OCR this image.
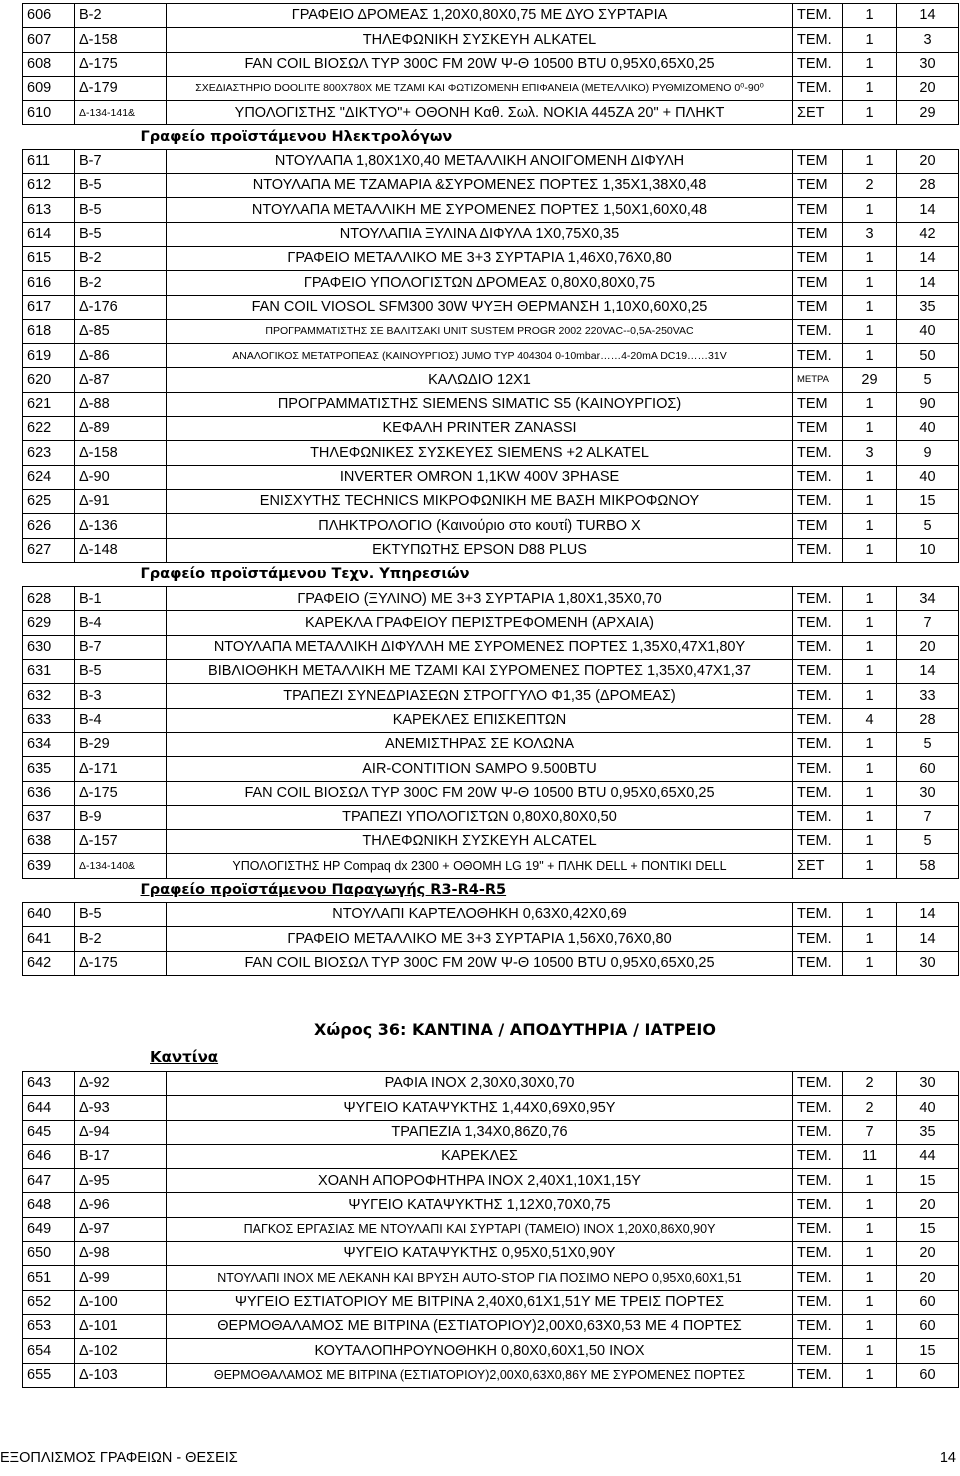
606	Β-2	ΓΡΑΦΕΙΟ ΔΡΟΜΕΑΣ 1,20Χ0,80Χ0,75 ΜΕ ΔΥΟ ΣΥΡΤΑΡΙΑ	ΤΕΜ.	1	14
607	Δ-158	ΤΗΛΕΦΩΝΙΚΗ ΣΥΣΚΕΥΗ ALKATEL	ΤΕΜ.	1	3
608	Δ-175	FAN COIL ΒΙΟΣΩΛ ΤΥΡ 300C FM 20W Ψ-Θ 10500 BTU 0,95Χ0,65Χ0,25	ΤΕΜ.	1	30
609	Δ-179	ΣΧΕΔΙΑΣΤΗΡΙΟ DOOLITE 800Χ780Χ ΜΕ ΤΖΑΜΙ ΚΑΙ ΦΩΤΙΖΟΜΕΝΗ ΕΠΙΦΑΝΕΙΑ (ΜΕΤΕΛΛΙΚΟ) ΡΥΘΜΙΖΟΜΕΝΟ 0⁰-90⁰	ΤΕΜ.	1	20
610	Δ-134-141&	ΥΠΟΛΟΓΙΣΤΗΣ "ΔΙΚΤΥΟ"+ ΟΘΟΝΗ Καθ. Σωλ. ΝΟΚΙΑ 445ΖΑ 20" + ΠΛΗΚΤ	ΣΕΤ	1	29
Γραφείο προϊστάμενου Ηλεκτρολόγων					
611	Β-7	ΝΤΟΥΛΑΠΑ 1,80Χ1Χ0,40 ΜΕΤΑΛΛΙΚΗ ΑΝΟΙΓΟΜΕΝΗ ΔΙΦΥΛΗ	ΤΕΜ	1	20
612	Β-5	ΝΤΟΥΛΑΠΑ ΜΕ ΤΖΑΜΑΡΙΑ &ΣΥΡΟΜΕΝΕΣ ΠΟΡΤΕΣ 1,35Χ1,38Χ0,48	ΤΕΜ	2	28
613	Β-5	ΝΤΟΥΛΑΠΑ ΜΕΤΑΛΛΙΚΗ ΜΕ ΣΥΡΟΜΕΝΕΣ ΠΟΡΤΕΣ 1,50Χ1,60Χ0,48	ΤΕΜ	1	14
614	Β-5	ΝΤΟΥΛΑΠΙΑ ΞΥΛΙΝΑ ΔΙΦΥΛΑ 1Χ0,75Χ0,35	ΤΕΜ	3	42
615	Β-2	ΓΡΑΦΕΙΟ ΜΕΤΑΛΛΙΚΟ ΜΕ 3+3 ΣΥΡΤΑΡΙΑ 1,46Χ0,76Χ0,80	ΤΕΜ	1	14
616	Β-2	ΓΡΑΦΕΙΟ ΥΠΟΛΟΓΙΣΤΩΝ ΔΡΟΜΕΑΣ 0,80Χ0,80Χ0,75	ΤΕΜ	1	14
617	Δ-176	FAN COIL VIOSOL SFM300 30W ΨΥΞΗ ΘΕΡΜΑΝΣΗ 1,10Χ0,60Χ0,25	ΤΕΜ	1	35
618	Δ-85	ΠΡΟΓΡΑΜΜΑΤΙΣΤΗΣ ΣΕ ΒΑΛΙΤΣΑΚΙ UNIT SUSTEM PROGR 2002 220VAC--0,5A-250VAC	ΤΕΜ.	1	40
619	Δ-86	ΑΝΑΛΟΓΙΚΟΣ ΜΕΤΑΤΡΟΠΕΑΣ (ΚΑΙΝΟΥΡΓΙΟΣ) JUMO TYP 404304 0-10mbar……4-20mA DC19……31V	ΤΕΜ.	1	50
620	Δ-87	ΚΑΛΩΔΙΟ 12Χ1	ΜΕΤΡΑ	29	5
621	Δ-88	ΠΡΟΓΡΑΜΜΑΤΙΣΤΗΣ SIEMENS SIMATIC S5 (ΚΑΙΝΟΥΡΓΙΟΣ)	ΤΕΜ	1	90
622	Δ-89	ΚΕΦΑΛΗ PRINTER ZANASSI	ΤΕΜ	1	40
623	Δ-158	ΤΗΛΕΦΩΝΙΚΕΣ ΣΥΣΚΕΥΕΣ SIEMENS +2 ALKATEL	ΤΕΜ.	3	9
624	Δ-90	INVERTER OMRON 1,1KW 400V 3PHASE	ΤΕΜ.	1	40
625	Δ-91	ΕΝΙΣΧΥΤΗΣ TECHNICS ΜΙΚΡΟΦΩΝΙΚΗ ΜΕ ΒΑΣΗ ΜΙΚΡΟΦΩΝΟΥ	ΤΕΜ.	1	15
626	Δ-136	ΠΛΗΚΤΡΟΛΟΓΙΟ (Καινούριο στο κουτί) TURBO X	ΤΕΜ	1	5
627	Δ-148	ΕΚΤΥΠΩΤΗΣ EPSON D88 PLUS	ΤΕΜ.	1	10
Γραφείο προϊστάμενου Τεχν. Υπηρεσιών					
628	Β-1	ΓΡΑΦΕΙΟ (ΞΥΛΙΝΟ) ΜΕ 3+3 ΣΥΡΤΑΡΙΑ 1,80Χ1,35Χ0,70	ΤΕΜ.	1	34
629	Β-4	ΚΑΡΕΚΛΑ ΓΡΑΦΕΙΟΥ ΠΕΡΙΣΤΡΕΦΟΜΕΝΗ (ΑΡΧΑΙΑ)	ΤΕΜ.	1	7
630	Β-7	ΝΤΟΥΛΑΠΑ ΜΕΤΑΛΛΙΚΗ ΔΙΦΥΛΛΗ ΜΕ ΣΥΡΟΜΕΝΕΣ ΠΟΡΤΕΣ 1,35Χ0,47Χ1,80Υ	ΤΕΜ.	1	20
631	Β-5	ΒΙΒΛΙΟΘΗΚΗ ΜΕΤΑΛΛΙΚΗ ΜΕ ΤΖΑΜΙ ΚΑΙ ΣΥΡΟΜΕΝΕΣ ΠΟΡΤΕΣ 1,35Χ0,47Χ1,37	ΤΕΜ.	1	14
632	Β-3	ΤΡΑΠΕΖΙ ΣΥΝΕΔΡΙΑΣΕΩΝ ΣΤΡΟΓΓΥΛΟ Φ1,35 (ΔΡΟΜΕΑΣ)	ΤΕΜ.	1	33
633	Β-4	ΚΑΡΕΚΛΕΣ ΕΠΙΣΚΕΠΤΩΝ	ΤΕΜ.	4	28
634	Β-29	ΑΝΕΜΙΣΤΗΡΑΣ ΣΕ ΚΟΛΩΝΑ	ΤΕΜ.	1	5
635	Δ-171	AIR-CONTITION SAMPO 9.500BTU	ΤΕΜ.	1	60
636	Δ-175	FAN COIL ΒΙΟΣΩΛ ΤΥΡ 300C FM 20W Ψ-Θ 10500 BTU 0,95Χ0,65Χ0,25	ΤΕΜ.	1	30
637	Β-9	ΤΡΑΠΕΖΙ ΥΠΟΛΟΓΙΣΤΩΝ 0,80Χ0,80Χ0,50	ΤΕΜ.	1	7
638	Δ-157	ΤΗΛΕΦΩΝΙΚΗ ΣΥΣΚΕΥΗ ALCATEL	ΤΕΜ.	1	5
639	Δ-134-140&	ΥΠΟΛΟΓΙΣΤΗΣ HP Compaq dx 2300 + ΟΘΟΜΗ LG 19" + ΠΛΗΚ DELL + ΠΟΝΤΙΚΙ DELL	ΣΕΤ	1	58
Γραφείο προϊστάμενου Παραγωγής R3-R4-R5					
640	Β-5	ΝΤΟΥΛΑΠΙ ΚΑΡΤΕΛΟΘΗΚΗ 0,63Χ0,42Χ0,69	ΤΕΜ.	1	14
641	Β-2	ΓΡΑΦΕΙΟ ΜΕΤΑΛΛΙΚΟ ΜΕ 3+3 ΣΥΡΤΑΡΙΑ 1,56Χ0,76Χ0,80	ΤΕΜ.	1	14
642	Δ-175	FAN COIL ΒΙΟΣΩΛ ΤΥΡ 300C FM 20W Ψ-Θ 10500 BTU 0,95Χ0,65Χ0,25	ΤΕΜ.	1	30
Χώρος 36: ΚΑΝΤΙΝΑ / ΑΠΟΔΥΤΗΡΙΑ / ΙΑΤΡΕΙΟ
Καντίνα
643	Δ-92	ΡΑΦΙΑ ΙΝΟΧ 2,30Χ0,30Χ0,70	ΤΕΜ.	2	30
644	Δ-93	ΨΥΓΕΙΟ ΚΑΤΑΨΥΚΤΗΣ 1,44Χ0,69Χ0,95Υ	ΤΕΜ.	2	40
645	Δ-94	ΤΡΑΠΕΖΙΑ 1,34Χ0,86Ζ0,76	ΤΕΜ.	7	35
646	Β-17	ΚΑΡΕΚΛΕΣ	ΤΕΜ.	11	44
647	Δ-95	ΧΟΑΝΗ ΑΠΟΡΟΦΗΤΗΡΑ ΙΝΟΧ 2,40Χ1,10Χ1,15Υ	ΤΕΜ.	1	15
648	Δ-96	ΨΥΓΕΙΟ ΚΑΤΑΨΥΚΤΗΣ 1,12Χ0,70Χ0,75	ΤΕΜ.	1	20
649	Δ-97	ΠΑΓΚΟΣ ΕΡΓΑΣΙΑΣ ΜΕ ΝΤΟΥΛΑΠΙ ΚΑΙ ΣΥΡΤΑΡΙ (ΤΑΜΕΙΟ) ΙΝΟΧ 1,20Χ0,86Χ0,90Υ	ΤΕΜ.	1	15
650	Δ-98	ΨΥΓΕΙΟ ΚΑΤΑΨΥΚΤΗΣ 0,95Χ0,51Χ0,90Υ	ΤΕΜ.	1	20
651	Δ-99	ΝΤΟΥΛΑΠΙ ΙΝΟΧ ΜΕ ΛΕΚΑΝΗ ΚΑΙ ΒΡΥΣΗ AUTO-STOP ΓΙΑ ΠΟΣΙΜΟ ΝΕΡΟ 0,95Χ0,60Χ1,51	ΤΕΜ.	1	20
652	Δ-100	ΨΥΓΕΙΟ ΕΣΤΙΑΤΟΡΙΟΥ ΜΕ ΒΙΤΡΙΝΑ 2,40Χ0,61Χ1,51Υ ΜΕ ΤΡΕΙΣ ΠΟΡΤΕΣ	ΤΕΜ.	1	60
653	Δ-101	ΘΕΡΜΟΘΑΛΑΜΟΣ ΜΕ ΒΙΤΡΙΝΑ (ΕΣΤΙΑΤΟΡΙΟΥ)2,00Χ0,63Χ0,53 ΜΕ 4 ΠΟΡΤΕΣ	ΤΕΜ.	1	60
654	Δ-102	ΚΟΥΤΑΛΟΠΗΡΟΥΝΟΘΗΚΗ 0,80Χ0,60Χ1,50 ΙΝΟΧ	ΤΕΜ.	1	15
655	Δ-103	ΘΕΡΜΟΘΑΛΑΜΟΣ ΜΕ ΒΙΤΡΙΝΑ (ΕΣΤΙΑΤΟΡΙΟΥ)2,00Χ0,63Χ0,86Υ ΜΕ ΣΥΡΟΜΕΝΕΣ ΠΟΡΤΕΣ	ΤΕΜ.	1	60
ΕΞΟΠΛΙΣΜΟΣ ΓΡΑΦΕΙΩΝ - ΘΕΣΕΙΣ	14
